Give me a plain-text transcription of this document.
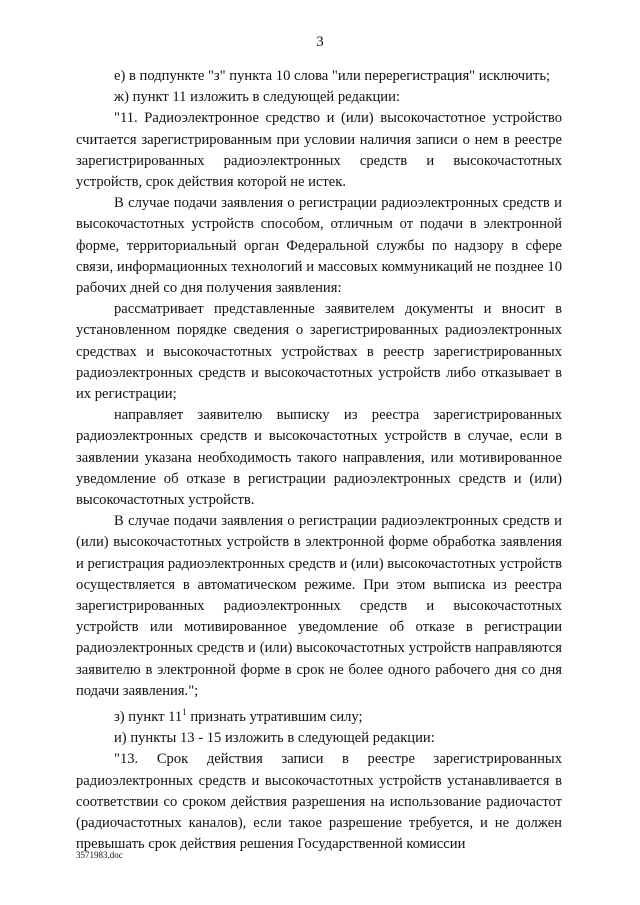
3

е) в подпункте "з" пункта 10 слова "или перерегистрация" исключить;

ж) пункт 11 изложить в следующей редакции:

"11. Радиоэлектронное средство и (или) высокочастотное устройство считается зарегистрированным при условии наличия записи о нем в реестре зарегистрированных радиоэлектронных средств и высокочастотных устройств, срок действия которой не истек.

В случае подачи заявления о регистрации радиоэлектронных средств и высокочастотных устройств способом, отличным от подачи в электронной форме, территориальный орган Федеральной службы по надзору в сфере связи, информационных технологий и массовых коммуникаций не позднее 10 рабочих дней со дня получения заявления:

рассматривает представленные заявителем документы и вносит в установленном порядке сведения о зарегистрированных радиоэлектронных средствах и высокочастотных устройствах в реестр зарегистрированных радиоэлектронных средств и высокочастотных устройств либо отказывает в их регистрации;

направляет заявителю выписку из реестра зарегистрированных радиоэлектронных средств и высокочастотных устройств в случае, если в заявлении указана необходимость такого направления, или мотивированное уведомление об отказе в регистрации радиоэлектронных средств и (или) высокочастотных устройств.

В случае подачи заявления о регистрации радиоэлектронных средств и (или) высокочастотных устройств в электронной форме обработка заявления и регистрация радиоэлектронных средств и (или) высокочастотных устройств осуществляется в автоматическом режиме. При этом выписка из реестра зарегистрированных радиоэлектронных средств и высокочастотных устройств или мотивированное уведомление об отказе в регистрации радиоэлектронных средств и (или) высокочастотных устройств направляются заявителю в электронной форме в срок не более одного рабочего дня со дня подачи заявления.";

з) пункт $11^1$ признать утратившим силу;

и) пункты 13 - 15 изложить в следующей редакции:

"13. Срок действия записи в реестре зарегистрированных радиоэлектронных средств и высокочастотных устройств устанавливается в соответствии со сроком действия разрешения на использование радиочастот (радиочастотных каналов), если такое разрешение требуется, и не должен превышать срок действия решения Государственной комиссии

3571983.doc
